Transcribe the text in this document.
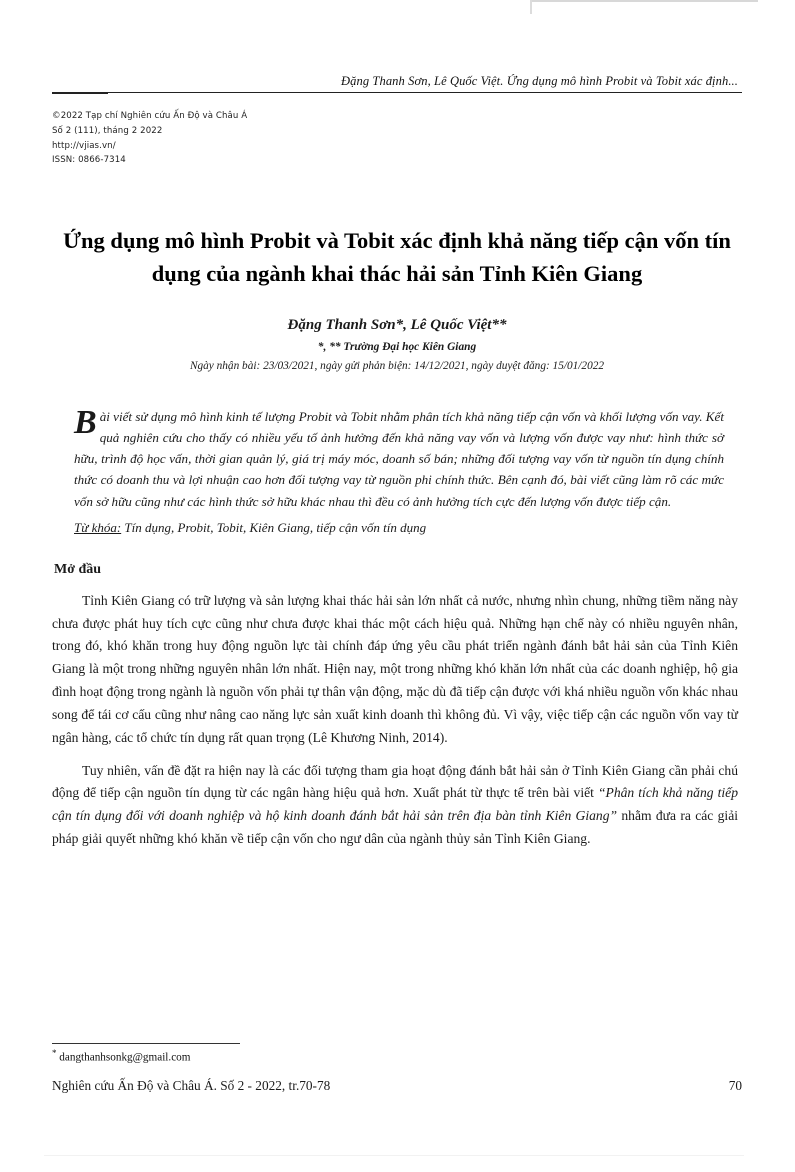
Đặng Thanh Sơn, Lê Quốc Việt. Ứng dụng mô hình Probit và Tobit xác định...
©2022 Tạp chí Nghiên cứu Ấn Độ và Châu Á
Số 2 (111), tháng 2 2022
http://vjias.vn/
ISSN: 0866-7314
Ứng dụng mô hình Probit và Tobit xác định khả năng tiếp cận vốn tín dụng của ngành khai thác hải sản Tỉnh Kiên Giang
Đặng Thanh Sơn*, Lê Quốc Việt**
*, ** Trường Đại học Kiên Giang
Ngày nhận bài: 23/03/2021, ngày gửi phản biện: 14/12/2021, ngày duyệt đăng: 15/01/2022
Bài viết sử dụng mô hình kinh tế lượng Probit và Tobit nhằm phân tích khả năng tiếp cận vốn và khối lượng vốn vay. Kết quả nghiên cứu cho thấy có nhiều yếu tố ảnh hưởng đến khả năng vay vốn và lượng vốn được vay như: hình thức sở hữu, trình độ học vấn, thời gian quản lý, giá trị máy móc, doanh số bán; những đối tượng vay vốn từ nguồn tín dụng chính thức có doanh thu và lợi nhuận cao hơn đối tượng vay từ nguồn phi chính thức. Bên cạnh đó, bài viết cũng làm rõ các mức vốn sở hữu cũng như các hình thức sở hữu khác nhau thì đều có ảnh hưởng tích cực đến lượng vốn được tiếp cận.
Từ khóa: Tín dụng, Probit, Tobit, Kiên Giang, tiếp cận vốn tín dụng
Mở đầu

Tỉnh Kiên Giang có trữ lượng và sản lượng khai thác hải sản lớn nhất cả nước, nhưng nhìn chung, những tiềm năng này chưa được phát huy tích cực cũng như chưa được khai thác một cách hiệu quả. Những hạn chế này có nhiều nguyên nhân, trong đó, khó khăn trong huy động nguồn lực tài chính đáp ứng yêu cầu phát triển ngành đánh bắt hải sản của Tỉnh Kiên Giang là một trong những nguyên nhân lớn nhất. Hiện nay, một trong những khó khăn lớn nhất của các doanh nghiệp, hộ gia đình hoạt động trong ngành là nguồn vốn phải tự thân vận động, mặc dù đã tiếp cận được với khá nhiều nguồn vốn khác nhau song để tái cơ cấu cũng như nâng cao năng lực sản xuất kinh doanh thì không đủ. Vì vậy, việc tiếp cận các nguồn vốn vay từ ngân hàng, các tổ chức tín dụng rất quan trọng (Lê Khương Ninh, 2014).

Tuy nhiên, vấn đề đặt ra hiện nay là các đối tượng tham gia hoạt động đánh bắt hải sản ở Tỉnh Kiên Giang cần phải chú động để tiếp cận nguồn tín dụng từ các ngân hàng hiệu quả hơn. Xuất phát từ thực tế trên bài viết “Phân tích khả năng tiếp cận tín dụng đối với doanh nghiệp và hộ kinh doanh đánh bắt hải sản trên địa bàn tỉnh Kiên Giang” nhằm đưa ra các giải pháp giải quyết những khó khăn về tiếp cận vốn cho ngư dân của ngành thủy sản Tỉnh Kiên Giang.

* dangthanhsonkg@gmail.com
Nghiên cứu Ấn Độ và Châu Á. Số 2 - 2022, tr.70-78	70
